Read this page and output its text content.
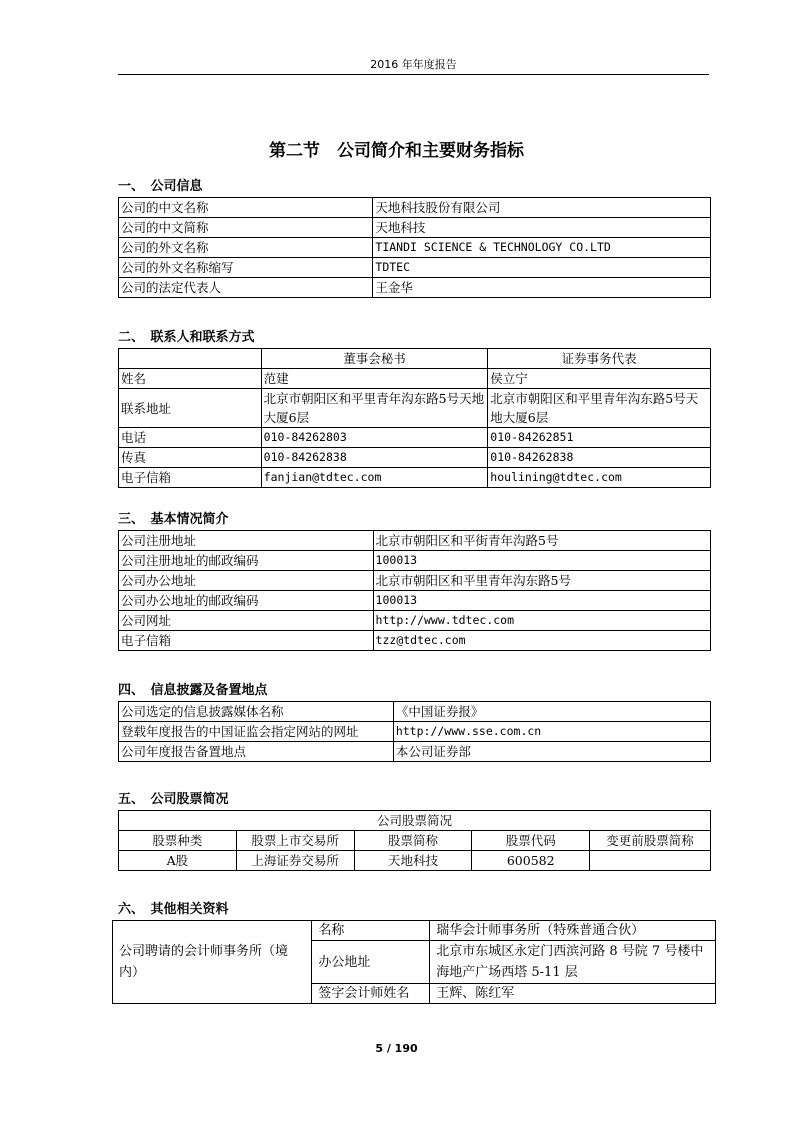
2016 年年度报告
第二节　公司简介和主要财务指标
一、　公司信息
公司的中文名称	天地科技股份有限公司
公司的中文简称	天地科技
公司的外文名称	TIANDI SCIENCE & TECHNOLOGY CO.LTD
公司的外文名称缩写	TDTEC
公司的法定代表人	王金华
二、　联系人和联系方式
	董事会秘书	证券事务代表
姓名	范建	侯立宁
联系地址	北京市朝阳区和平里青年沟东路5号天地大厦6层	北京市朝阳区和平里青年沟东路5号天地大厦6层
电话	010-84262803	010-84262851
传真	010-84262838	010-84262838
电子信箱	fanjian@tdtec.com	houlining@tdtec.com
三、　基本情况简介
公司注册地址	北京市朝阳区和平街青年沟路5号
公司注册地址的邮政编码	100013
公司办公地址	北京市朝阳区和平里青年沟东路5号
公司办公地址的邮政编码	100013
公司网址	http://www.tdtec.com
电子信箱	tzz@tdtec.com
四、　信息披露及备置地点
公司选定的信息披露媒体名称	《中国证券报》
登载年度报告的中国证监会指定网站的网址	http://www.sse.com.cn
公司年度报告备置地点	本公司证券部
五、　公司股票简况
公司股票简况				
股票种类	股票上市交易所	股票简称	股票代码	变更前股票简称
A股	上海证券交易所	天地科技	600582	
六、　其他相关资料
公司聘请的会计师事务所（境内）	名称	瑞华会计师事务所（特殊普通合伙）
	办公地址	北京市东城区永定门西滨河路 8 号院 7 号楼中海地产广场西塔 5-11 层
	签字会计师姓名	王辉、陈红军
5 / 190
